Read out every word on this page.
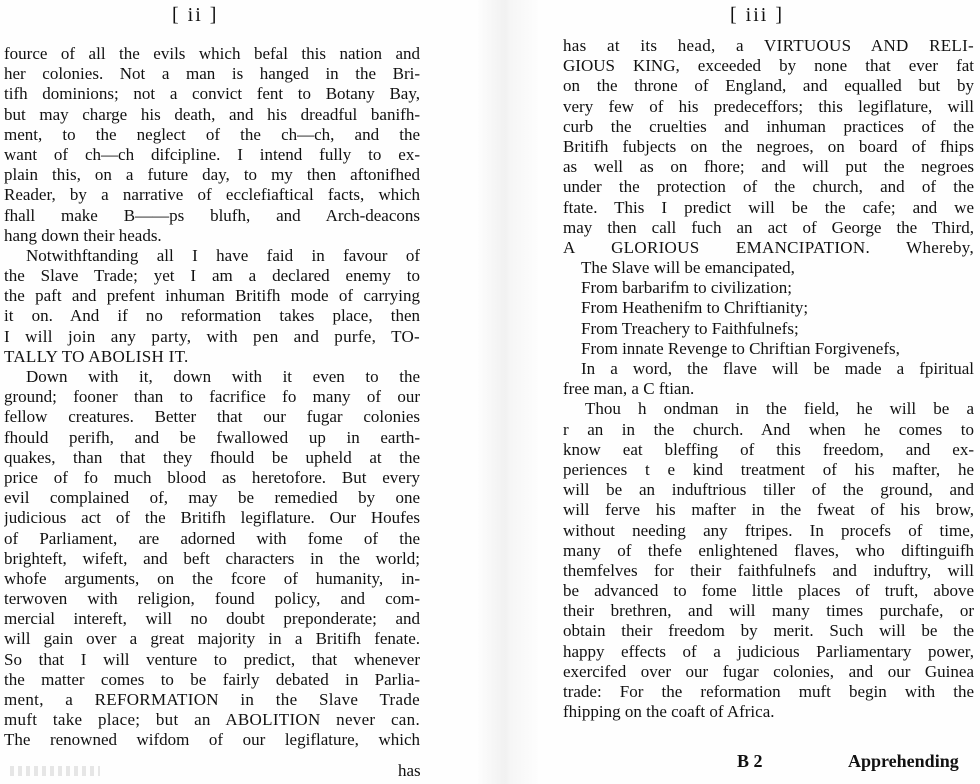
[ ii ]
fource of all the evils which befal this nation and
her colonies. Not a man is hanged in the Bri-
tifh dominions; not a convict fent to Botany Bay,
but may charge his death, and his dreadful banifh-
ment, to the neglect of the ch—ch, and the
want of ch—ch difcipline. I intend fully to ex-
plain this, on a future day, to my then aftonifhed
Reader, by a narrative of ecclefiaftical facts, which
fhall make B——ps blufh, and Arch-deacons
hang down their heads.
Notwithftanding all I have faid in favour of
the Slave Trade; yet I am a declared enemy to
the paft and prefent inhuman Britifh mode of carrying
it on. And if no reformation takes place, then
I will join any party, with pen and purfe, TO-
TALLY TO ABOLISH IT.
Down with it, down with it even to the
ground; fooner than to facrifice fo many of our
fellow creatures. Better that our fugar colonies
fhould perifh, and be fwallowed up in earth-
quakes, than that they fhould be upheld at the
price of fo much blood as heretofore. But every
evil complained of, may be remedied by one
judicious act of the Britifh legiflature. Our Houfes
of Parliament, are adorned with fome of the
brighteft, wifeft, and beft characters in the world;
whofe arguments, on the fcore of humanity, in-
terwoven with religion, found policy, and com-
mercial intereft, will no doubt preponderate; and
will gain over a great majority in a Britifh fenate.
So that I will venture to predict, that whenever
the matter comes to be fairly debated in Parlia-
ment, a REFORMATION in the Slave Trade
muft take place; but an ABOLITION never can.
The renowned wifdom of our legiflature, which
has
[ iii ]
has at its head, a VIRTUOUS AND RELI-
GIOUS KING, exceeded by none that ever fat
on the throne of England, and equalled but by
very few of his predeceffors; this legiflature, will
curb the cruelties and inhuman practices of the
Britifh fubjects on the negroes, on board of fhips
as well as on fhore; and will put the negroes
under the protection of the church, and of the
ftate. This I predict will be the cafe; and we
may then call fuch an act of George the Third,
A GLORIOUS EMANCIPATION. Whereby,
The Slave will be emancipated,
From barbarifm to civilization;
From Heathenifm to Chriftianity;
From Treachery to Faithfulnefs;
From innate Revenge to Chriftian Forgivenefs,
In a word, the flave will be made a fpiritual
free man, a C ftian.
Thou h ondman in the field, he will be a
r an in the church. And when he comes to
know eat bleffing of this freedom, and ex-
periences t e kind treatment of his mafter, he
will be an induftrious tiller of the ground, and
will ferve his mafter in the fweat of his brow,
without needing any ftripes. In procefs of time,
many of thefe enlightened flaves, who diftinguifh
themfelves for their faithfulnefs and induftry, will
be advanced to fome little places of truft, above
their brethren, and will many times purchafe, or
obtain their freedom by merit. Such will be the
happy effects of a judicious Parliamentary power,
exercifed over our fugar colonies, and our Guinea
trade: For the reformation muft begin with the
fhipping on the coaft of Africa.
B 2	Apprehending
